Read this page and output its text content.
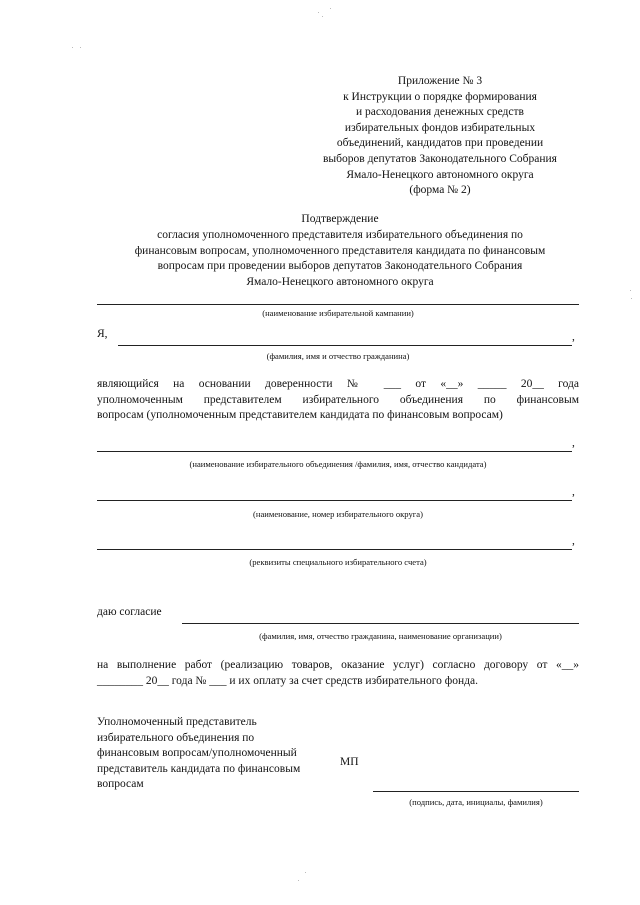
Приложение № 3
к Инструкции о порядке формирования
и расходования денежных средств
избирательных фондов избирательных
объединений, кандидатов при проведении
выборов депутатов Законодательного Собрания
Ямало-Ненецкого автономного округа
(форма № 2)
Подтверждение
согласия уполномоченного представителя избирательного объединения по
финансовым вопросам, уполномоченного представителя кандидата по финансовым
вопросам при проведении выборов депутатов Законодательного Собрания
Ямало-Ненецкого автономного округа
(наименование избирательной кампании)
Я,	,
(фамилия, имя и отчество гражданина)
являющийся на основании доверенности № ___ от «__» _____ 20__ года
уполномоченным представителем избирательного объединения по финансовым
вопросам (уполномоченным представителем кандидата по финансовым вопросам)
,
(наименование избирательного объединения /фамилия, имя, отчество кандидата)
,
(наименование, номер избирательного округа)
,
(реквизиты специального избирательного счета)
даю согласие
(фамилия, имя, отчество гражданина, наименование организации)
на выполнение работ (реализацию товаров, оказание услуг) согласно договору от «__»
________ 20__ года № ___ и их оплату за счет средств избирательного фонда.
Уполномоченный представитель
избирательного объединения по
финансовым вопросам/уполномоченный
представитель кандидата по финансовым
вопросам
МП
(подпись, дата, инициалы, фамилия)
